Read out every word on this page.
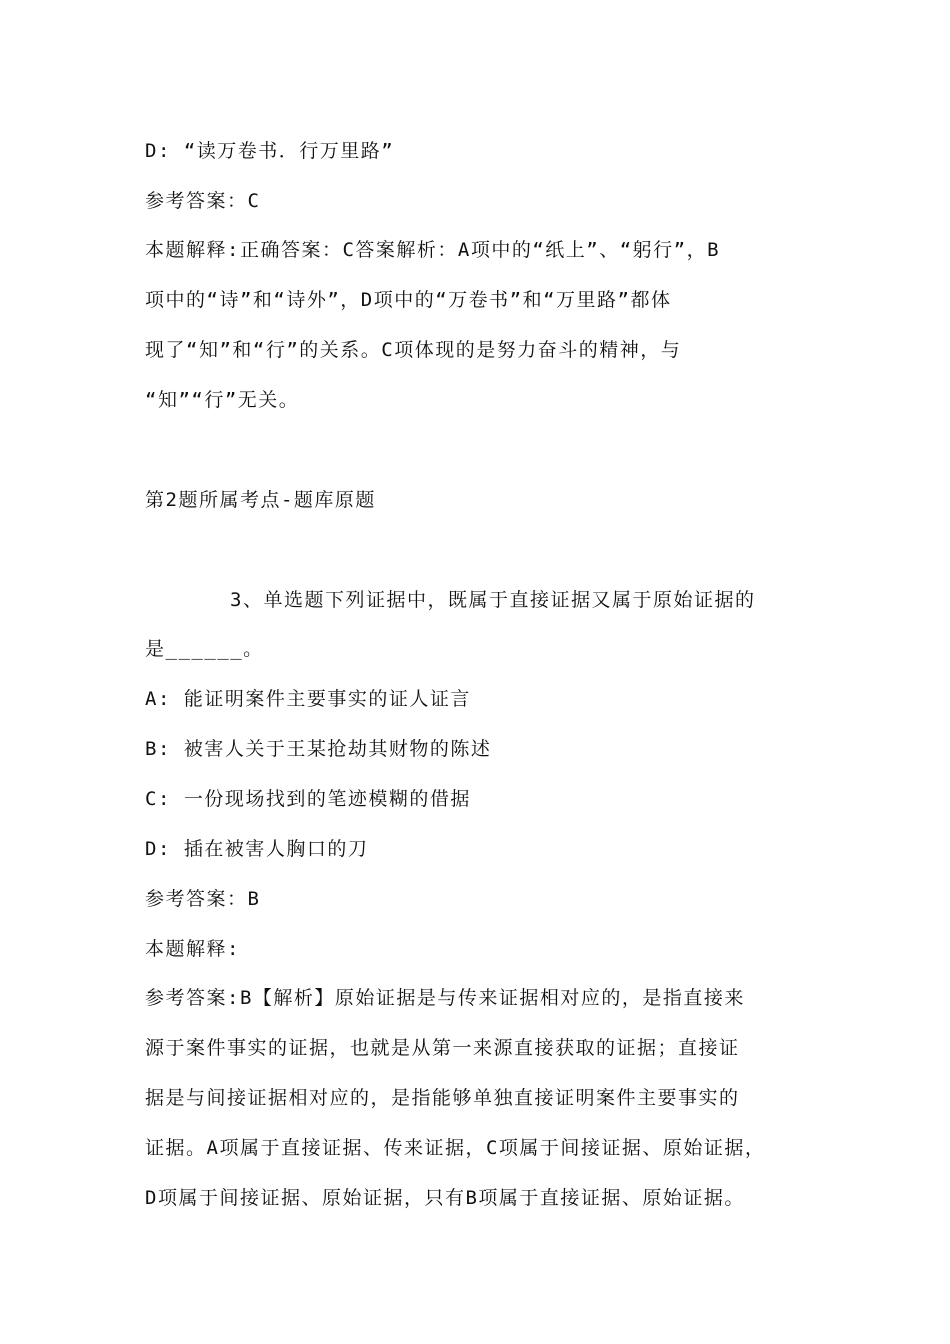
D: “读万卷书．行万里路”
参考答案：C
本题解释:正确答案：C答案解析：A项中的“纸上”、“躬行”，B
项中的“诗”和“诗外”，D项中的“万卷书”和“万里路”都体
现了“知”和“行”的关系。C项体现的是努力奋斗的精神，与
“知”“行”无关。
第2题所属考点-题库原题
3、单选题下列证据中，既属于直接证据又属于原始证据的
是______。
A: 能证明案件主要事实的证人证言
B: 被害人关于王某抢劫其财物的陈述
C: 一份现场找到的笔迹模糊的借据
D: 插在被害人胸口的刀
参考答案：B
本题解释:
参考答案:B【解析】原始证据是与传来证据相对应的，是指直接来
源于案件事实的证据，也就是从第一来源直接获取的证据；直接证
据是与间接证据相对应的，是指能够单独直接证明案件主要事实的
证据。A项属于直接证据、传来证据，C项属于间接证据、原始证据，
D项属于间接证据、原始证据，只有B项属于直接证据、原始证据。
